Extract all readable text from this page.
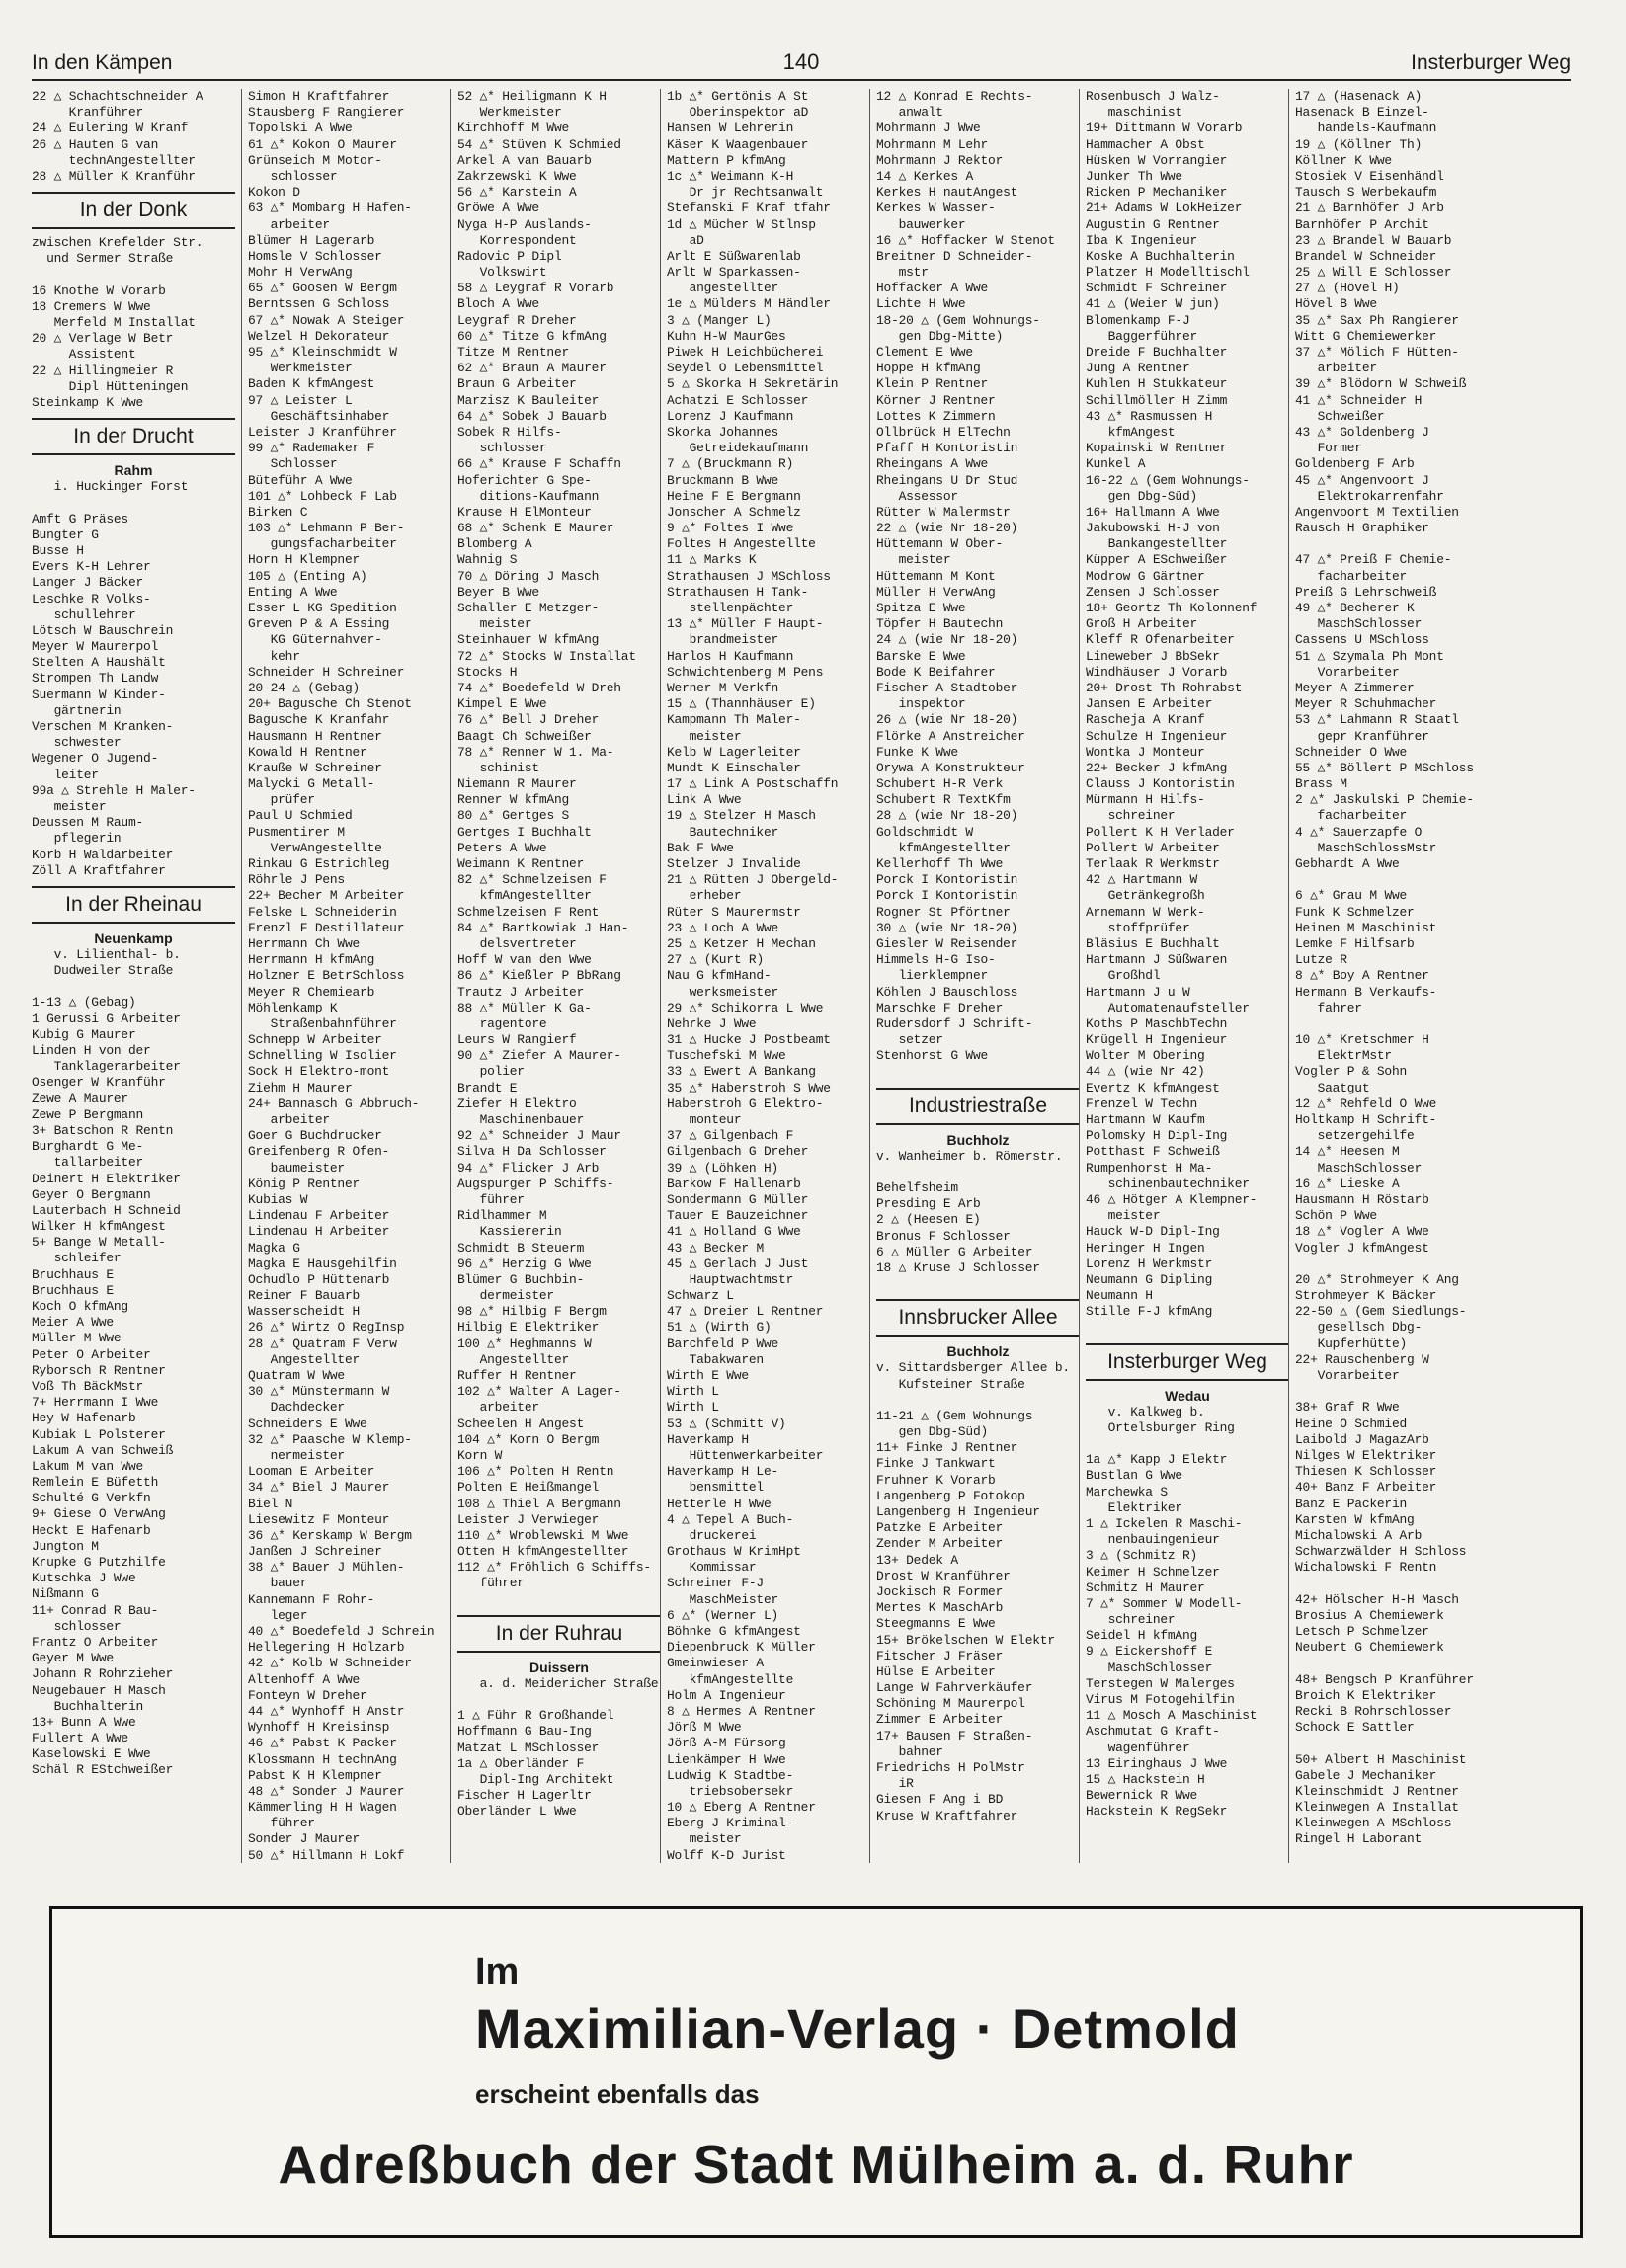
In den Kämpen	140	Insterburger Weg
22 △ Schachtschneider A
Kranführer
24 △ Eulering W Kranf
26 △ Hauten G van
technAngestellter
28 △ Müller K Kranführ
In der Donk
zwischen Krefelder Str.
und Sermer Straße
16 Knothe W Vorarb
18 Cremers W Wwe
Merfeld M Installat
20 △ Verlage W Betr
Assistent
22 △ Hillingmeier R
Dipl Hütteningen
Steinkamp K Wwe
In der Drucht
Rahm
i. Huckinger Forst
Amft G Präses
Bungter G
Busse H
Evers K-H Lehrer
Langer J Bäcker
Leschke R Volks-
schullehrer
Lötsch W Bauschrein
Meyer W Maurerpol
Stelten A Haushält
Strompen Th Landw
Suermann W Kinder-
gärtnerin
Verschen M Kranken-
schwester
Wegener O Jugend-
leiter
99a △ Strehle H Maler-
meister
Deussen M Raum-
pflegerin
Korb H Waldarbeiter
Zöll A Kraftfahrer
In der Rheinau
Neuenkamp
v. Lilienthal- b.
Dudweiler Straße
1-13 △ (Gebag)
1 Gerussi G Arbeiter
Kubig G Maurer
Linden H von der
Tanklagerarbeiter
Osenger W Kranführ
Zewe A Maurer
Zewe P Bergmann
3+ Batschon R Rentn
Burghardt G Me-
tallarbeiter
Deinert H Elektriker
Geyer O Bergmann
Lauterbach H Schneid
Wilker H kfmAngest
5+ Bange W Metall-
schleifer
Bruchhaus E
Bruchhaus E
Koch O kfmAng
Meier A Wwe
Müller M Wwe
Peter O Arbeiter
Ryborsch R Rentner
Voß Th BäckMstr
7+ Herrmann I Wwe
Hey W Hafenarb
Kubiak L Polsterer
Lakum A van Schweiß
Lakum M van Wwe
Remlein E Büfetth
Schulté G Verkfn
9+ Giese O VerwAng
Heckt E Hafenarb
Jungton M
Krupke G Putzhilfe
Kutschka J Wwe
Nißmann G
11+ Conrad R Bau-
schlosser
Frantz O Arbeiter
Geyer M Wwe
Johann R Rohrzieher
Neugebauer H Masch
Buchhalterin
13+ Bunn A Wwe
Fullert A Wwe
Kaselowski E Wwe
Schäl R EStchweißer
Simon H Kraftfahrer
Stausberg F Rangierer
Topolski A Wwe
61 △* Kokon O Maurer
Grünseich M Motor-
schlosser
Kokon D
63 △* Mombarg H Hafen-
arbeiter
Blümer H Lagerarb
Homsle V Schlosser
Mohr H VerwAng
65 △* Goosen W Bergm
Berntssen G Schloss
67 △* Nowak A Steiger
Welzel H Dekorateur
95 △* Kleinschmidt W
Werkmeister
Baden K kfmAngest
97 △ Leister L
Geschäftsinhaber
Leister J Kranführer
99 △* Rademaker F
Schlosser
Büteführ A Wwe
101 △* Lohbeck F Lab
Birken C
103 △* Lehmann P Ber-
gungsfacharbeiter
Horn H Klempner
105 △ (Enting A)
Enting A Wwe
Esser L KG Spedition
Greven P & A Essing
KG Güternahver-
kehr
Schneider H Schreiner
20-24 △ (Gebag)
20+ Bagusche Ch Stenot
Bagusche K Kranfahr
Hausmann H Rentner
Kowald H Rentner
Krauße W Schreiner
Malycki G Metall-
prüfer
Paul U Schmied
Pusmentirer M
VerwAngestellte
Rinkau G Estrichleg
Röhrle J Pens
22+ Becher M Arbeiter
Felske L Schneiderin
Frenzl F Destillateur
Herrmann Ch Wwe
Herrmann H kfmAng
Holzner E BetrSchloss
Meyer R Chemiearb
Möhlenkamp K
Straßenbahnführer
Schnepp W Arbeiter
Schnelling W Isolier
Sock H Elektro-mont
Ziehm H Maurer
24+ Bannasch G Abbruch-
arbeiter
Goer G Buchdrucker
Greifenberg R Ofen-
baumeister
König P Rentner
Kubias W
Lindenau F Arbeiter
Lindenau H Arbeiter
Magka G
Magka E Hausgehilfin
Ochudlo P Hüttenarb
Reiner F Bauarb
Wasserscheidt H
26 △* Wirtz O RegInsp
28 △* Quatram F Verw
Angestellter
Quatram W Wwe
30 △* Münstermann W
Dachdecker
Schneiders E Wwe
32 △* Paasche W Klemp-
nermeister
Looman E Arbeiter
34 △* Biel J Maurer
Biel N
Liesewitz F Monteur
36 △* Kerskamp W Bergm
Janßen J Schreiner
38 △* Bauer J Mühlen-
bauer
Kannemann F Rohr-
leger
40 △* Boedefeld J Schrein
Hellegering H Holzarb
42 △* Kolb W Schneider
Altenhoff A Wwe
Fonteyn W Dreher
44 △* Wynhoff H Anstr
Wynhoff H Kreisinsp
46 △* Pabst K Packer
Klossmann H technAng
Pabst K H Klempner
48 △* Sonder J Maurer
Kämmerling H H Wagen
führer
Sonder J Maurer
50 △* Hillmann H Lokf
52 △* Heiligmann K H
Werkmeister
Kirchhoff M Wwe
54 △* Stüven K Schmied
Arkel A van Bauarb
Zakrzewski K Wwe
56 △* Karstein A
Gröwe A Wwe
Nyga H-P Auslands-
Korrespondent
Radovic P Dipl
Volkswirt
58 △ Leygraf R Vorarb
Bloch A Wwe
Leygraf R Dreher
60 △* Titze G kfmAng
Titze M Rentner
62 △* Braun A Maurer
Braun G Arbeiter
Marzisz K Bauleiter
64 △* Sobek J Bauarb
Sobek R Hilfs-
schlosser
66 △* Krause F Schaffn
Hoferichter G Spe-
ditions-Kaufmann
Krause H ElMonteur
68 △* Schenk E Maurer
Blomberg A
Wahnig S
70 △ Döring J Masch
Beyer B Wwe
Schaller E Metzger-
meister
Steinhauer W kfmAng
72 △* Stocks W Installat
Stocks H
74 △* Boedefeld W Dreh
Kimpel E Wwe
76 △* Bell J Dreher
Baagt Ch Schweißer
78 △* Renner W 1. Ma-
schinist
Niemann R Maurer
Renner W kfmAng
80 △* Gertges S
Gertges I Buchhalt
Peters A Wwe
Weimann K Rentner
82 △* Schmelzeisen F
kfmAngestellter
Schmelzeisen F Rent
84 △* Bartkowiak J Han-
delsvertreter
Hoff W van den Wwe
86 △* Kießler P BbRang
Trautz J Arbeiter
88 △* Müller K Ga-
ragentore
Leurs W Rangierf
90 △* Ziefer A Maurer-
polier
Brandt E
Ziefer H Elektro
Maschinenbauer
92 △* Schneider J Maur
Silva H Da Schlosser
94 △* Flicker J Arb
Augspurger P Schiffs-
führer
Ridlhammer M
Kassiererin
Schmidt B Steuerm
96 △* Herzig G Wwe
Blümer G Buchbin-
dermeister
98 △* Hilbig F Bergm
Hilbig E Elektriker
100 △* Heghmanns W
Angestellter
Ruffer H Rentner
102 △* Walter A Lager-
arbeiter
Scheelen H Angest
104 △* Korn O Bergm
Korn W
106 △* Polten H Rentn
Polten E Heißmangel
108 △ Thiel A Bergmann
Leister J Verwieger
110 △* Wroblewski M Wwe
Otten H kfmAngestellter
112 △* Fröhlich G Schiffs-
führer
In der Ruhrau
Duissern
a. d. Meidericher Straße
1 △ Führ R Großhandel
Hoffmann G Bau-Ing
Matzat L MSchlosser
1a △ Oberländer F
Dipl-Ing Architekt
Fischer H Lagerltr
Oberländer L Wwe
1b △* Gertönis A St
Oberinspektor aD
Hansen W Lehrerin
Käser K Waagenbauer
Mattern P kfmAng
1c △* Weimann K-H
Dr jr Rechtsanwalt
Stefanski F Kraf tfahr
1d △ Mücher W Stlnsp
aD
Arlt E Süßwarenlab
Arlt W Sparkassen-
angestellter
1e △ Mülders M Händler
3 △ (Manger L)
Kuhn H-W MaurGes
Piwek H Leichbücherei
Seydel O Lebensmittel
5 △ Skorka H Sekretärin
Achatzi E Schlosser
Lorenz J Kaufmann
Skorka Johannes
Getreidekaufmann
7 △ (Bruckmann R)
Bruckmann B Wwe
Heine F E Bergmann
Jonscher A Schmelz
9 △* Foltes I Wwe
Foltes H Angestellte
11 △ Marks K
Strathausen J MSchloss
Strathausen H Tank-
stellenpächter
13 △* Müller F Haupt-
brandmeister
Harlos H Kaufmann
Schwichtenberg M Pens
Werner M Verkfn
15 △ (Thannhäuser E)
Kampmann Th Maler-
meister
Kelb W Lagerleiter
Mundt K Einschaler
17 △ Link A Postschaffn
Link A Wwe
19 △ Stelzer H Masch
Bautechniker
Bak F Wwe
Stelzer J Invalide
21 △ Rütten J Obergeld-
erheber
Rüter S Maurermstr
23 △ Loch A Wwe
25 △ Ketzer H Mechan
27 △ (Kurt R)
Nau G kfmHand-
werksmeister
29 △* Schikorra L Wwe
Nehrke J Wwe
31 △ Hucke J Postbeamt
Tuschefski M Wwe
33 △ Ewert A Bankang
35 △* Haberstroh S Wwe
Haberstroh G Elektro-
monteur
37 △ Gilgenbach F
Gilgenbach G Dreher
39 △ (Löhken H)
Barkow F Hallenarb
Sondermann G Müller
Tauer E Bauzeichner
41 △ Holland G Wwe
43 △ Becker M
45 △ Gerlach J Just
Hauptwachtmstr
Schwarz L
47 △ Dreier L Rentner
51 △ (Wirth G)
Barchfeld P Wwe
Tabakwaren
Wirth E Wwe
Wirth L
Wirth L
53 △ (Schmitt V)
Haverkamp H
Hüttenwerkarbeiter
Haverkamp H Le-
bensmittel
Hetterle H Wwe
4 △ Tepel A Buch-
druckerei
Grothaus W KrimHpt
Kommissar
Schreiner F-J
MaschMeister
6 △* (Werner L)
Böhnke G kfmAngest
Diepenbruck K Müller
Gmeinwieser A
kfmAngestellte
Holm A Ingenieur
8 △ Hermes A Rentner
Jörß M Wwe
Jörß A-M Fürsorg
Lienkämper H Wwe
Ludwig K Stadtbe-
triebsobersekr
10 △ Eberg A Rentner
Eberg J Kriminal-
meister
Wolff K-D Jurist
12 △ Konrad E Rechts-
anwalt
Mohrmann J Wwe
Mohrmann M Lehr
Mohrmann J Rektor
14 △ Kerkes A
Kerkes H nautAngest
Kerkes W Wasser-
bauwerker
16 △* Hoffacker W Stenot
Breitner D Schneider-
mstr
Hoffacker A Wwe
Lichte H Wwe
18-20 △ (Gem Wohnungs-
gen Dbg-Mitte)
Clement E Wwe
Hoppe H kfmAng
Klein P Rentner
Körner J Rentner
Lottes K Zimmern
Ollbrück H ElTechn
Pfaff H Kontoristin
Rheingans A Wwe
Rheingans U Dr Stud
Assessor
Rütter W Malermstr
22 △ (wie Nr 18-20)
Hüttemann W Ober-
meister
Hüttemann M Kont
Müller H VerwAng
Spitza E Wwe
Töpfer H Bautechn
24 △ (wie Nr 18-20)
Barske E Wwe
Bode K Beifahrer
Fischer A Stadtober-
inspektor
26 △ (wie Nr 18-20)
Flörke A Anstreicher
Funke K Wwe
Orywa A Konstrukteur
Schubert H-R Verk
Schubert R TextKfm
28 △ (wie Nr 18-20)
Goldschmidt W
kfmAngestellter
Kellerhoff Th Wwe
Porck I Kontoristin
Porck I Kontoristin
Rogner St Pförtner
30 △ (wie Nr 18-20)
Giesler W Reisender
Himmels H-G Iso-
lierklempner
Köhlen J Bauschloss
Marschke F Dreher
Rudersdorf J Schrift-
setzer
Stenhorst G Wwe
Industriestraße
Buchholz
v. Wanheimer b. Römerstr.
Behelfsheim
Presding E Arb
2 △ (Heesen E)
Bronus F Schlosser
6 △ Müller G Arbeiter
18 △ Kruse J Schlosser
Innsbrucker Allee
Buchholz
v. Sittardsberger Allee b.
Kufsteiner Straße
11-21 △ (Gem Wohnungs
gen Dbg-Süd)
11+ Finke J Rentner
Finke J Tankwart
Fruhner K Vorarb
Langenberg P Fotokop
Langenberg H Ingenieur
Patzke E Arbeiter
Zender M Arbeiter
13+ Dedek A
Drost W Kranführer
Jockisch R Former
Mertes K MaschArb
Steegmanns E Wwe
15+ Brökelschen W Elektr
Fitscher J Fräser
Hülse E Arbeiter
Lange W Fahrverkäufer
Schöning M Maurerpol
Zimmer E Arbeiter
17+ Bausen F Straßen-
bahner
Friedrichs H PolMstr
iR
Giesen F Ang i BD
Kruse W Kraftfahrer
Rosenbusch J Walz-
maschinist
19+ Dittmann W Vorarb
Hammacher A Obst
Hüsken W Vorrangier
Junker Th Wwe
Ricken P Mechaniker
21+ Adams W LokHeizer
Augustin G Rentner
Iba K Ingenieur
Koske A Buchhalterin
Platzer H Modelltischl
Schmidt F Schreiner
41 △ (Weier W jun)
Blomenkamp F-J
Baggerführer
Dreide F Buchhalter
Jung A Rentner
Kuhlen H Stukkateur
Schillmöller H Zimm
43 △* Rasmussen H
kfmAngest
Kopainski W Rentner
Kunkel A
16-22 △ (Gem Wohnungs-
gen Dbg-Süd)
16+ Hallmann A Wwe
Jakubowski H-J von
Bankangestellter
Küpper A ESchweißer
Modrow G Gärtner
Zensen J Schlosser
18+ Geortz Th Kolonnenf
Groß H Arbeiter
Kleff R Ofenarbeiter
Lineweber J BbSekr
Windhäuser J Vorarb
20+ Drost Th Rohrabst
Jansen E Arbeiter
Rascheja A Kranf
Schulze H Ingenieur
Wontka J Monteur
22+ Becker J kfmAng
Clauss J Kontoristin
Mürmann H Hilfs-
schreiner
Pollert K H Verlader
Pollert W Arbeiter
Terlaak R Werkmstr
42 △ Hartmann W
Getränkegroßh
Arnemann W Werk-
stoffprüfer
Bläsius E Buchhalt
Hartmann J Süßwaren
Großhdl
Hartmann J u W
Automatenaufsteller
Koths P MaschbTechn
Krügell H Ingenieur
Wolter M Obering
44 △ (wie Nr 42)
Evertz K kfmAngest
Frenzel W Techn
Hartmann W Kaufm
Polomsky H Dipl-Ing
Potthast F Schweiß
Rumpenhorst H Ma-
schinenbautechniker
46 △ Hötger A Klempner-
meister
Hauck W-D Dipl-Ing
Heringer H Ingen
Lorenz H Werkmstr
Neumann G Dipling
Neumann H
Stille F-J kfmAng
Insterburger Weg
Wedau
v. Kalkweg b.
Ortelsburger Ring
1a △* Kapp J Elektr
Bustlan G Wwe
Marchewka S
Elektriker
1 △ Ickelen R Maschi-
nenbauingenieur
3 △ (Schmitz R)
Keimer H Schmelzer
Schmitz H Maurer
7 △* Sommer W Modell-
schreiner
Seidel H kfmAng
9 △ Eickershoff E
MaschSchlosser
Terstegen W Malerges
Virus M Fotogehilfin
11 △ Mosch A Maschinist
Aschmutat G Kraft-
wagenführer
13 Eiringhaus J Wwe
15 △ Hackstein H
Bewernick R Wwe
Hackstein K RegSekr
17 △ (Hasenack A)
Hasenack B Einzel-
handels-Kaufmann
19 △ (Köllner Th)
Köllner K Wwe
Stosiek V Eisenhändl
Tausch S Werbekaufm
21 △ Barnhöfer J Arb
Barnhöfer P Archit
23 △ Brandel W Bauarb
Brandel W Schneider
25 △ Will E Schlosser
27 △ (Hövel H)
Hövel B Wwe
35 △* Sax Ph Rangierer
Witt G Chemiewerker
37 △* Mölich F Hütten-
arbeiter
39 △* Blödorn W Schweiß
41 △* Schneider H
Schweißer
43 △* Goldenberg J
Former
Goldenberg F Arb
45 △* Angenvoort J
Elektrokarrenfahr
Angenvoort M Textilien
Rausch H Graphiker
47 △* Preiß F Chemie-
facharbeiter
Preiß G Lehrschweiß
49 △* Becherer K
MaschSchlosser
Cassens U MSchloss
51 △ Szymala Ph Mont
Vorarbeiter
Meyer A Zimmerer
Meyer R Schuhmacher
53 △* Lahmann R Staatl
gepr Kranführer
Schneider O Wwe
55 △* Böllert P MSchloss
Brass M
2 △* Jaskulski P Chemie-
facharbeiter
4 △* Sauerzapfe O
MaschSchlossMstr
Gebhardt A Wwe
6 △* Grau M Wwe
Funk K Schmelzer
Heinen M Maschinist
Lemke F Hilfsarb
Lutze R
8 △* Boy A Rentner
Hermann B Verkaufs-
fahrer
10 △* Kretschmer H
ElektrMstr
Vogler P & Sohn
Saatgut
12 △* Rehfeld O Wwe
Holtkamp H Schrift-
setzergehilfe
14 △* Heesen M
MaschSchlosser
16 △* Lieske A
Hausmann H Röstarb
Schön P Wwe
18 △* Vogler A Wwe
Vogler J kfmAngest
20 △* Strohmeyer K Ang
Strohmeyer K Bäcker
22-50 △ (Gem Siedlungs-
gesellsch Dbg-
Kupferhütte)
22+ Rauschenberg W
Vorarbeiter
38+ Graf R Wwe
Heine O Schmied
Laibold J MagazArb
Nilges W Elektriker
Thiesen K Schlosser
40+ Banz F Arbeiter
Banz E Packerin
Karsten W kfmAng
Michalowski A Arb
Schwarzwälder H Schloss
Wichalowski F Rentn
42+ Hölscher H-H Masch
Brosius A Chemiewerk
Letsch P Schmelzer
Neubert G Chemiewerk
48+ Bengsch P Kranführer
Broich K Elektriker
Recki B Rohrschlosser
Schock E Sattler
50+ Albert H Maschinist
Gabele J Mechaniker
Kleinschmidt J Rentner
Kleinwegen A Installat
Kleinwegen A MSchloss
Ringel H Laborant
Im
Maximilian-Verlag · Detmold
erscheint ebenfalls das
Adreßbuch der Stadt Mülheim a. d. Ruhr
